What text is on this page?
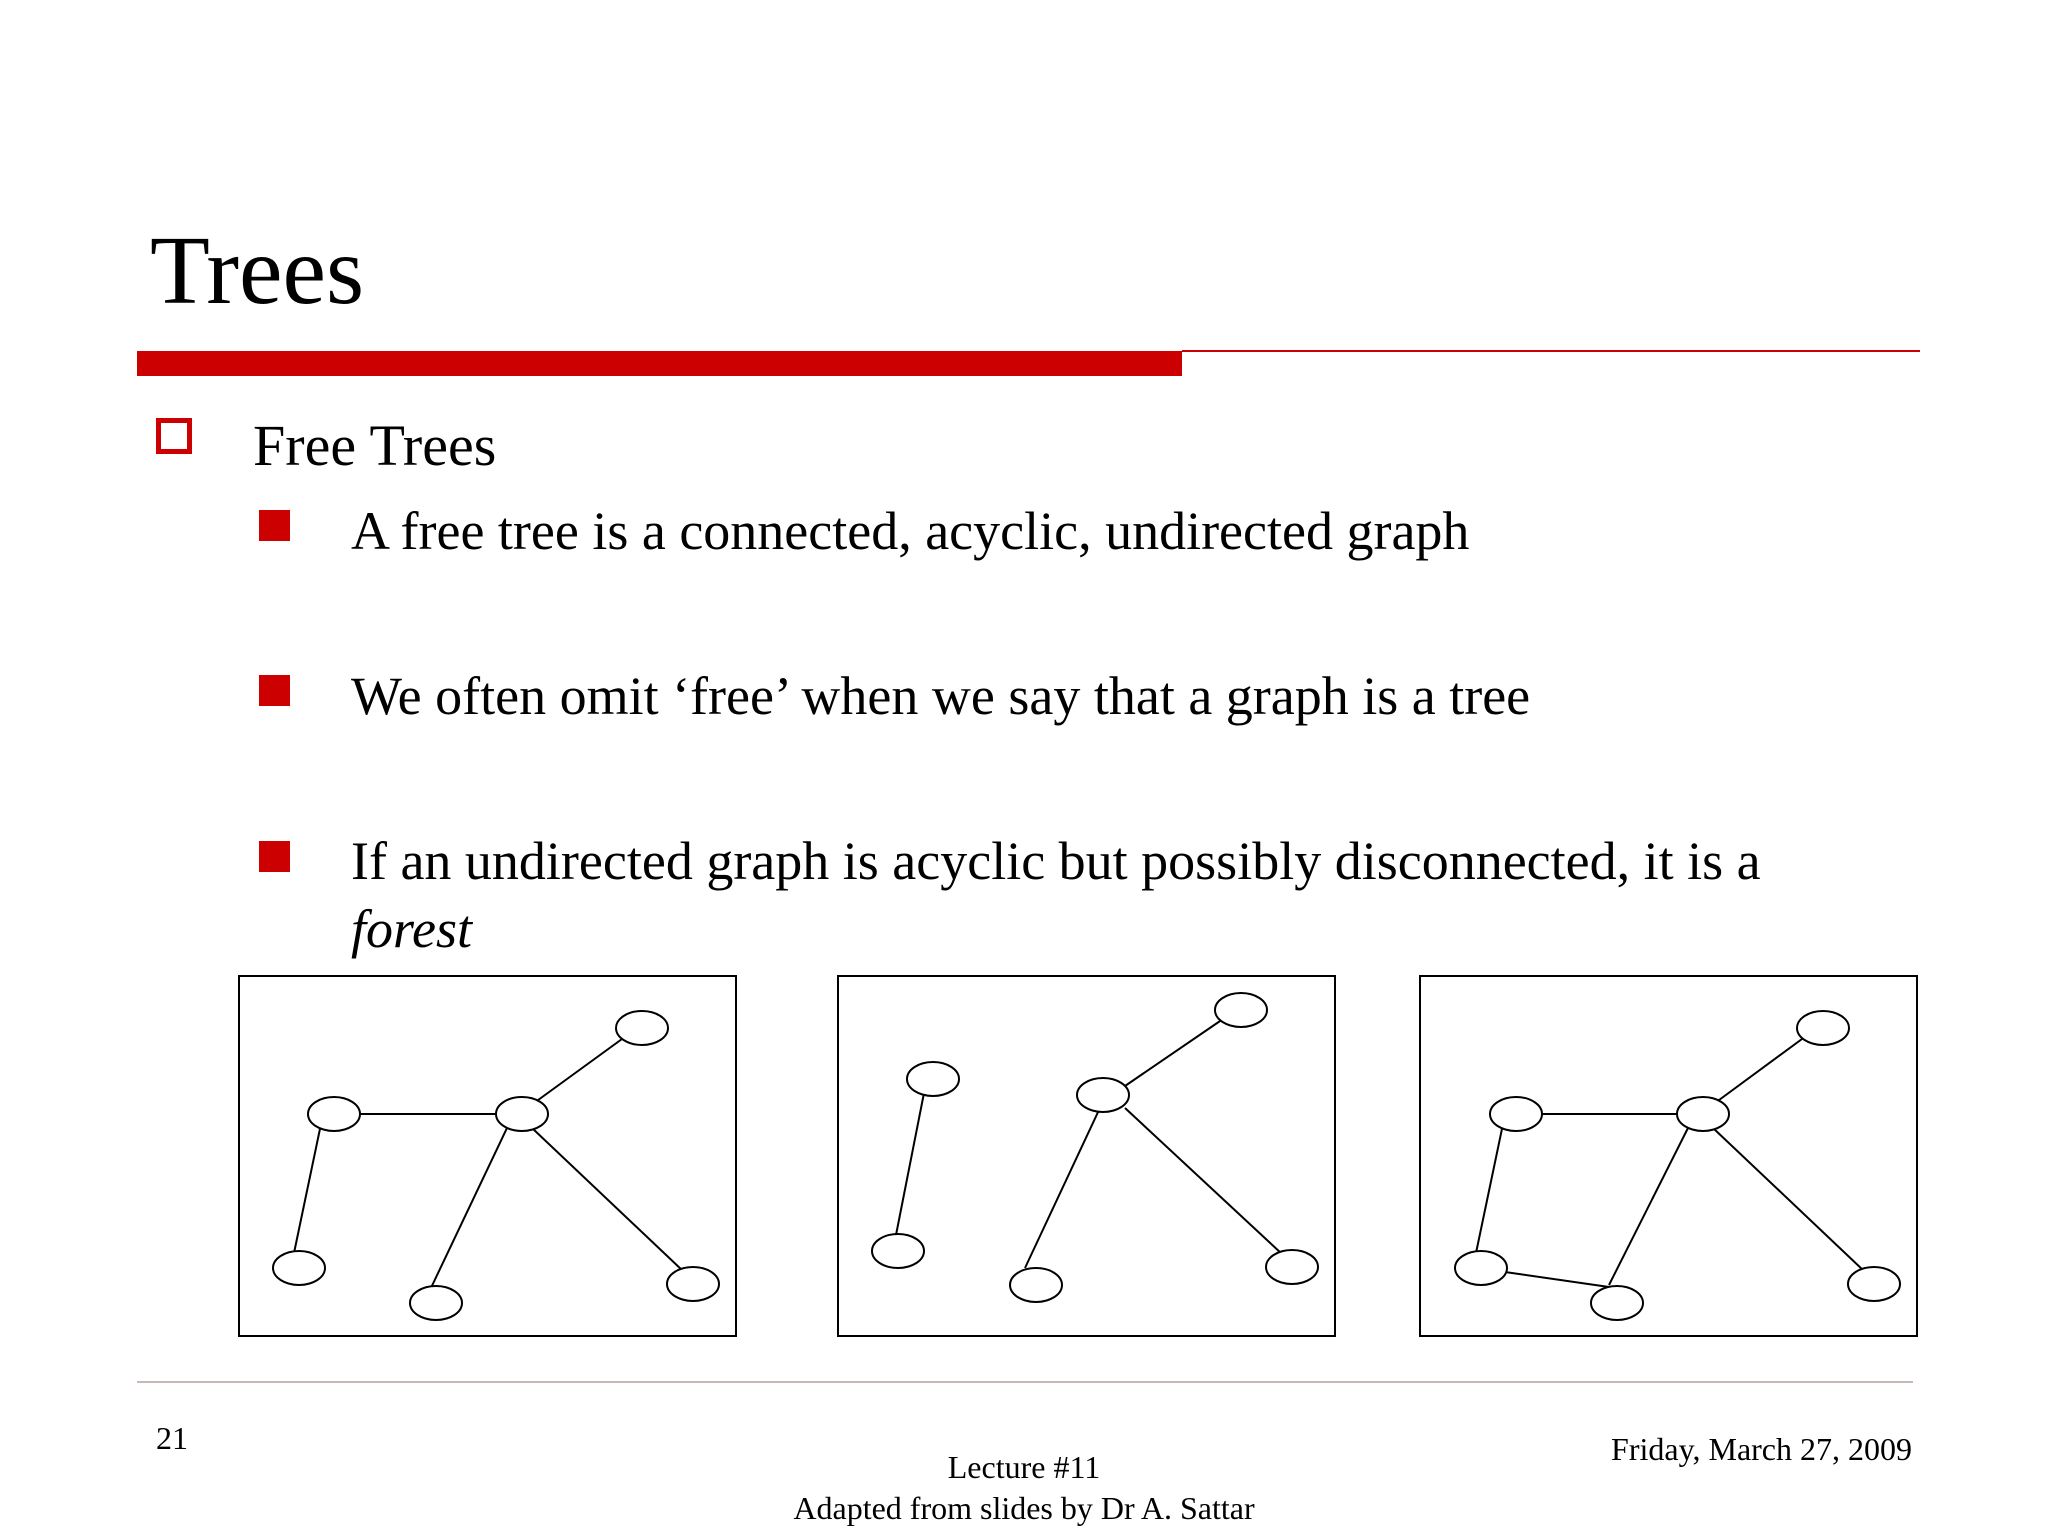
Trees
Free Trees
A free tree is a connected, acyclic, undirected graph
We often omit ‘free’ when we say that a graph is a tree
If an undirected graph is acyclic but possibly disconnected, it is a
forest
21
Lecture #11
Adapted from slides by Dr A. Sattar
Friday, March 27, 2009
